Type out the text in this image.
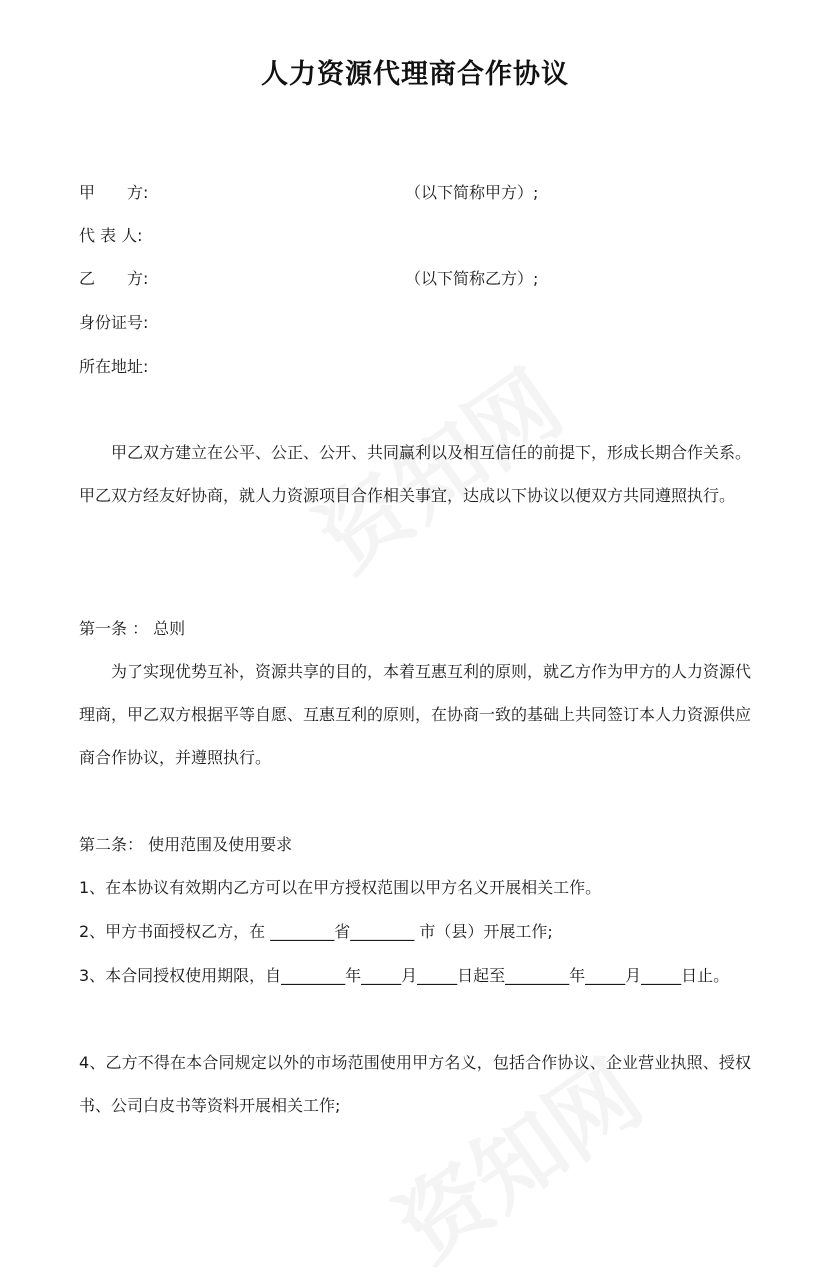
人力资源代理商合作协议
甲　　方:	（以下简称甲方）;
代 表 人:
乙　　方:	（以下简称乙方）;
身份证号:
所在地址:
甲乙双方建立在公平、公正、公开、共同赢利以及相互信任的前提下，形成长期合作关系。甲乙双方经友好协商，就人力资源项目合作相关事宜，达成以下协议以便双方共同遵照执行。
第一条 ： 总则
为了实现优势互补，资源共享的目的，本着互惠互利的原则，就乙方作为甲方的人力资源代理商，甲乙双方根据平等自愿、互惠互利的原则，在协商一致的基础上共同签订本人力资源供应商合作协议，并遵照执行。
第二条： 使用范围及使用要求
1、在本协议有效期内乙方可以在甲方授权范围以甲方名义开展相关工作。
2、甲方书面授权乙方，在 ________省________ 市（县）开展工作;
3、本合同授权使用期限，自________年_____月_____日起至________年_____月_____日止。
4、乙方不得在本合同规定以外的市场范围使用甲方名义，包括合作协议、企业营业执照、授权书、公司白皮书等资料开展相关工作;
